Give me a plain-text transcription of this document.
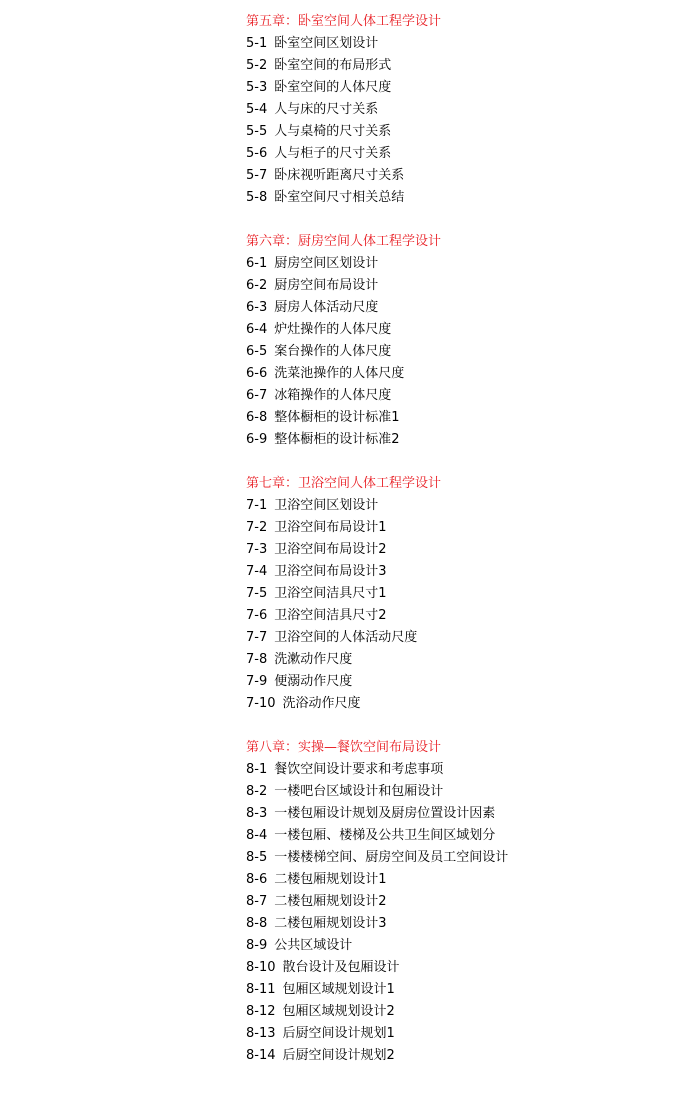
第五章：卧室空间人体工程学设计
5-1 卧室空间区划设计
5-2 卧室空间的布局形式
5-3 卧室空间的人体尺度
5-4 人与床的尺寸关系
5-5 人与桌椅的尺寸关系
5-6 人与柜子的尺寸关系
5-7 卧床视听距离尺寸关系
5-8 卧室空间尺寸相关总结
第六章：厨房空间人体工程学设计
6-1 厨房空间区划设计
6-2 厨房空间布局设计
6-3 厨房人体活动尺度
6-4 炉灶操作的人体尺度
6-5 案台操作的人体尺度
6-6 洗菜池操作的人体尺度
6-7 冰箱操作的人体尺度
6-8 整体橱柜的设计标准1
6-9 整体橱柜的设计标准2
第七章：卫浴空间人体工程学设计
7-1 卫浴空间区划设计
7-2 卫浴空间布局设计1
7-3 卫浴空间布局设计2
7-4 卫浴空间布局设计3
7-5 卫浴空间洁具尺寸1
7-6 卫浴空间洁具尺寸2
7-7 卫浴空间的人体活动尺度
7-8 洗漱动作尺度
7-9 便溺动作尺度
7-10 洗浴动作尺度
第八章：实操—餐饮空间布局设计
8-1 餐饮空间设计要求和考虑事项
8-2 一楼吧台区域设计和包厢设计
8-3 一楼包厢设计规划及厨房位置设计因素
8-4 一楼包厢、楼梯及公共卫生间区域划分
8-5 一楼楼梯空间、厨房空间及员工空间设计
8-6 二楼包厢规划设计1
8-7 二楼包厢规划设计2
8-8 二楼包厢规划设计3
8-9 公共区域设计
8-10 散台设计及包厢设计
8-11 包厢区域规划设计1
8-12 包厢区域规划设计2
8-13 后厨空间设计规划1
8-14 后厨空间设计规划2
